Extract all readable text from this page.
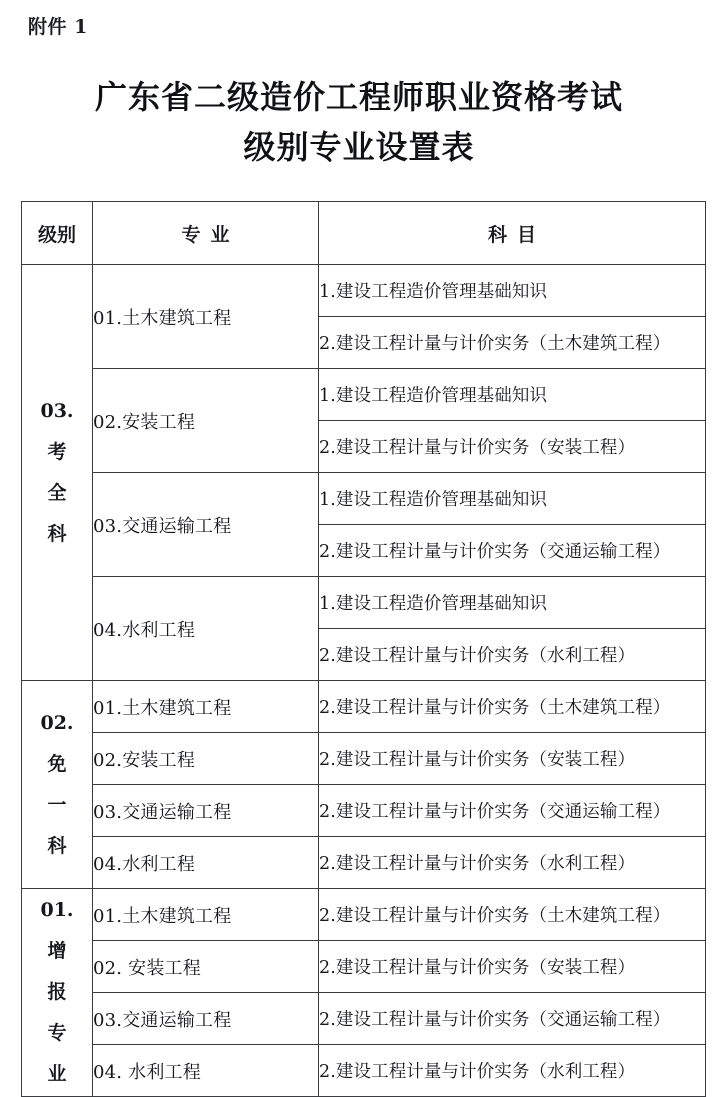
附件 1
广东省二级造价工程师职业资格考试
级别专业设置表
级别	专业	科目

03.
考
全
科	01.土木建筑工程	1.建设工程造价管理基础知识
		2.建设工程计量与计价实务（土木建筑工程）
	02.安装工程	1.建设工程造价管理基础知识
		2.建设工程计量与计价实务（安装工程）
	03.交通运输工程	1.建设工程造价管理基础知识
		2.建设工程计量与计价实务（交通运输工程）
	04.水利工程	1.建设工程造价管理基础知识
		2.建设工程计量与计价实务（水利工程）

02.
免
一
科	01.土木建筑工程	2.建设工程计量与计价实务（土木建筑工程）
	02.安装工程	2.建设工程计量与计价实务（安装工程）
	03.交通运输工程	2.建设工程计量与计价实务（交通运输工程）
	04.水利工程	2.建设工程计量与计价实务（水利工程）

01.
增
报
专
业	01.土木建筑工程	2.建设工程计量与计价实务（土木建筑工程）
	02. 安装工程	2.建设工程计量与计价实务（安装工程）
	03.交通运输工程	2.建设工程计量与计价实务（交通运输工程）
	04. 水利工程	2.建设工程计量与计价实务（水利工程）
